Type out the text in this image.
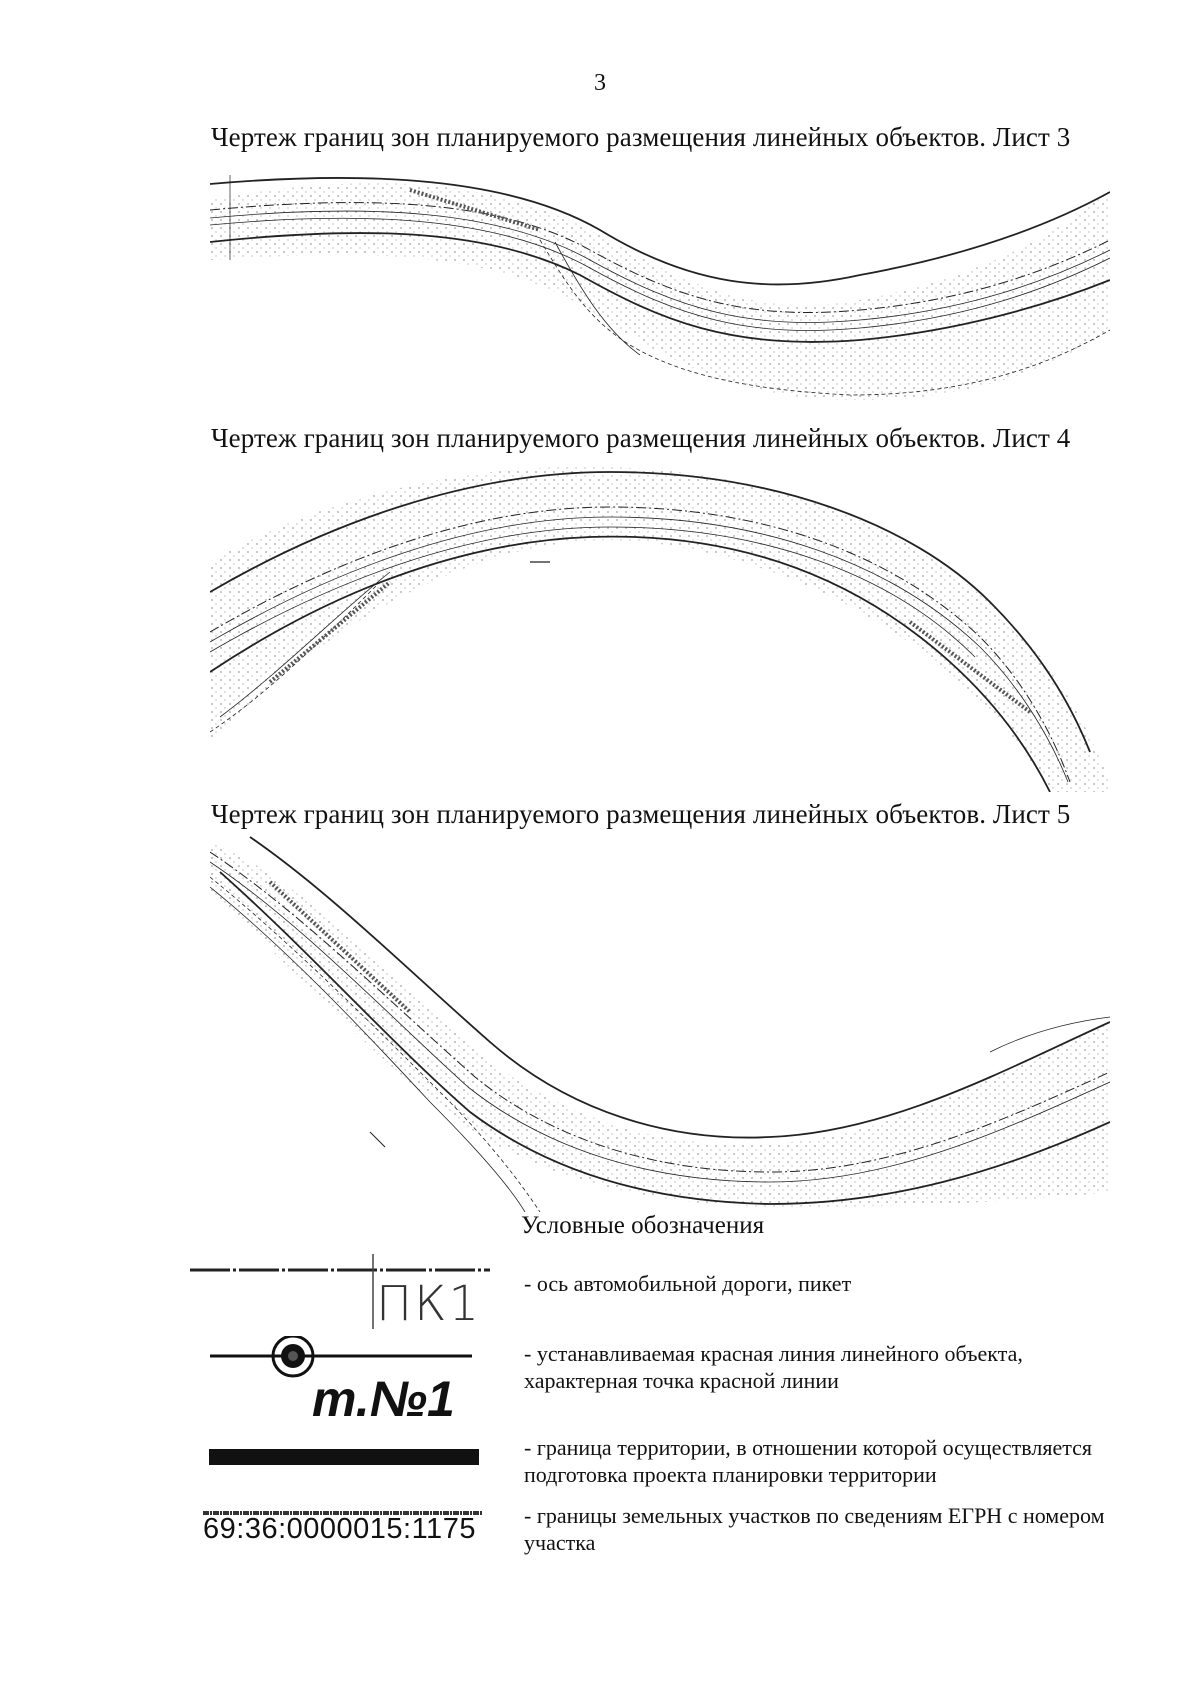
3
Чертеж границ зон планируемого размещения линейных объектов. Лист 3
Чертеж границ зон планируемого размещения линейных объектов. Лист 4
Чертеж границ зон планируемого размещения линейных объектов. Лист 5
Условные обозначения
ПК1 - ось автомобильной дороги, пикет
т.№1
- устанавливаемая красная линия линейного объекта, характерная точка красной линии
- граница территории, в отношении которой осуществляется подготовка проекта планировки территории
69:36:0000015:1175 - границы земельных участков по сведениям ЕГРН с номером участка
